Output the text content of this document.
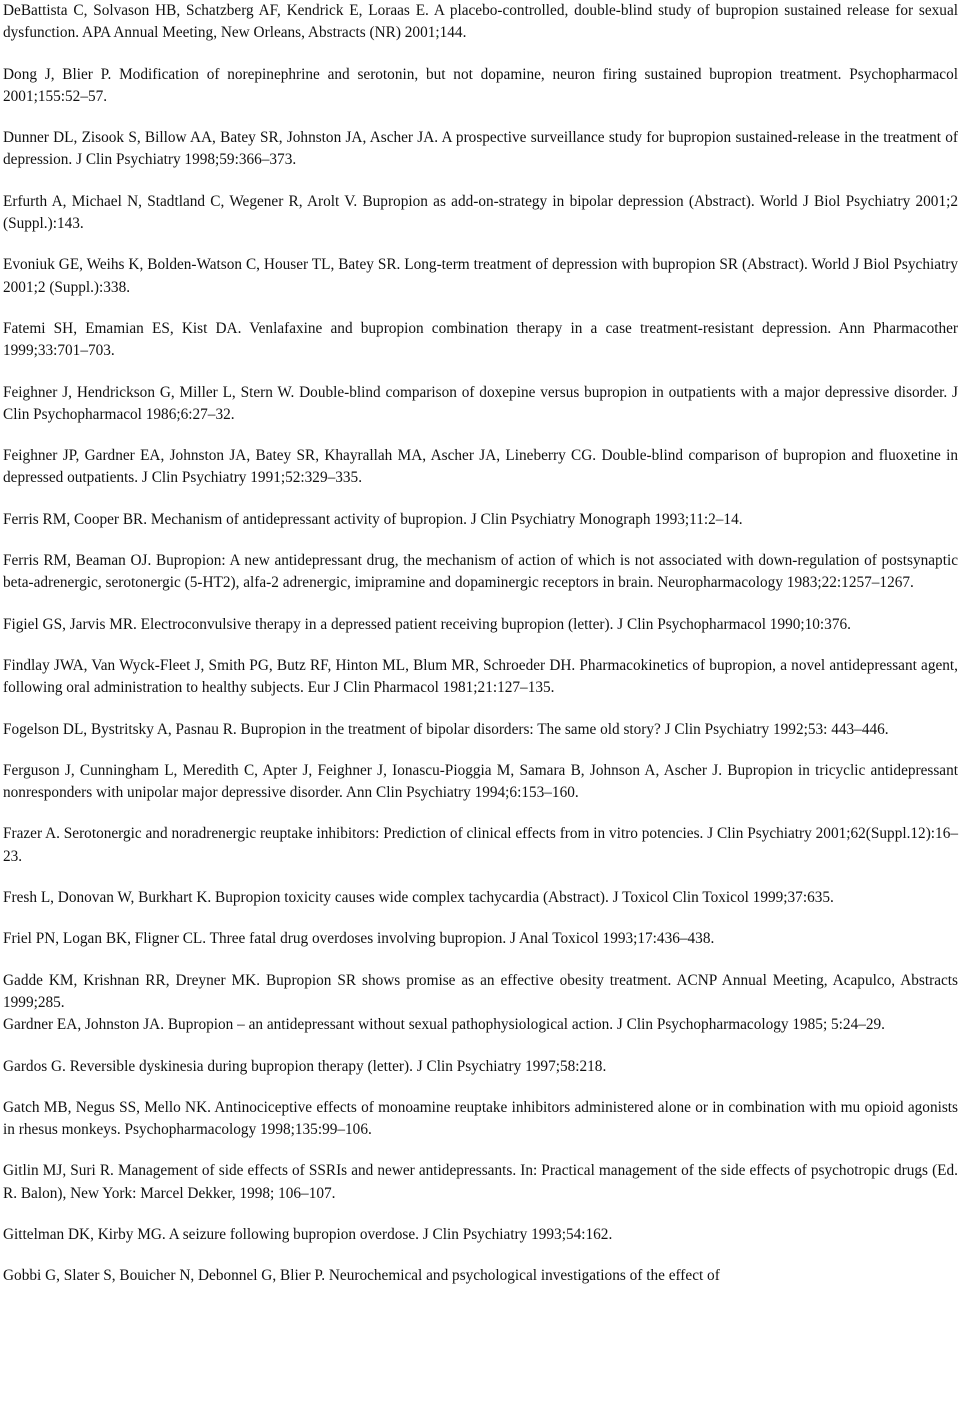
DeBattista C, Solvason HB, Schatzberg AF, Kendrick E, Loraas E. A placebo-controlled, double-blind study of bupropion sustained release for sexual dysfunction. APA Annual Meeting, New Orleans, Abstracts (NR) 2001;144.

Dong J, Blier P. Modification of norepinephrine and serotonin, but not dopamine, neuron firing sustained bupropion treatment. Psychopharmacol 2001;155:52–57.

Dunner DL, Zisook S, Billow AA, Batey SR, Johnston JA, Ascher JA. A prospective surveillance study for bupropion sustained-release in the treatment of depression. J Clin Psychiatry 1998;59:366–373.

Erfurth A, Michael N, Stadtland C, Wegener R, Arolt V. Bupropion as add-on-strategy in bipolar depression (Abstract). World J Biol Psychiatry 2001;2 (Suppl.):143.

Evoniuk GE, Weihs K, Bolden-Watson C, Houser TL, Batey SR. Long-term treatment of depression with bupropion SR (Abstract). World J Biol Psychiatry 2001;2 (Suppl.):338.

Fatemi SH, Emamian ES, Kist DA. Venlafaxine and bupropion combination therapy in a case treatment-resistant depression. Ann Pharmacother 1999;33:701–703.

Feighner J, Hendrickson G, Miller L, Stern W. Double-blind comparison of doxepine versus bupropion in outpatients with a major depressive disorder. J Clin Psychopharmacol 1986;6:27–32.

Feighner JP, Gardner EA, Johnston JA, Batey SR, Khayrallah MA, Ascher JA, Lineberry CG. Double-blind comparison of bupropion and fluoxetine in depressed outpatients. J Clin Psychiatry 1991;52:329–335.

Ferris RM, Cooper BR. Mechanism of antidepressant activity of bupropion. J Clin Psychiatry Monograph 1993;11:2–14.

Ferris RM, Beaman OJ. Bupropion: A new antidepressant drug, the mechanism of action of which is not associated with down-regulation of postsynaptic beta-adrenergic, serotonergic (5-HT2), alfa-2 adrenergic, imipramine and dopaminergic receptors in brain. Neuropharmacology 1983;22:1257–1267.

Figiel GS, Jarvis MR. Electroconvulsive therapy in a depressed patient receiving bupropion (letter). J Clin Psychopharmacol 1990;10:376.

Findlay JWA, Van Wyck-Fleet J, Smith PG, Butz RF, Hinton ML, Blum MR, Schroeder DH. Pharmacokinetics of bupropion, a novel antidepressant agent, following oral administration to healthy subjects. Eur J Clin Pharmacol 1981;21:127–135.

Fogelson DL, Bystritsky A, Pasnau R. Bupropion in the treatment of bipolar disorders: The same old story? J Clin Psychiatry 1992;53: 443–446.

Ferguson J, Cunningham L, Meredith C, Apter J, Feighner J, Ionascu-Pioggia M, Samara B, Johnson A, Ascher J. Bupropion in tricyclic antidepressant nonresponders with unipolar major depressive disorder. Ann Clin Psychiatry 1994;6:153–160.

Frazer A. Serotonergic and noradrenergic reuptake inhibitors: Prediction of clinical effects from in vitro potencies. J Clin Psychiatry 2001;62(Suppl.12):16–23.

Fresh L, Donovan W, Burkhart K. Bupropion toxicity causes wide complex tachycardia (Abstract). J Toxicol Clin Toxicol 1999;37:635.

Friel PN, Logan BK, Fligner CL. Three fatal drug overdoses involving bupropion. J Anal Toxicol 1993;17:436–438.

Gadde KM, Krishnan RR, Dreyner MK. Bupropion SR shows promise as an effective obesity treatment. ACNP Annual Meeting, Acapulco, Abstracts 1999;285.

Gardner EA, Johnston JA. Bupropion – an antidepressant without sexual pathophysiological action. J Clin Psychopharmacology 1985; 5:24–29.

Gardos G. Reversible dyskinesia during bupropion therapy (letter). J Clin Psychiatry 1997;58:218.

Gatch MB, Negus SS, Mello NK. Antinociceptive effects of monoamine reuptake inhibitors administered alone or in combination with mu opioid agonists in rhesus monkeys. Psychopharmacology 1998;135:99–106.

Gitlin MJ, Suri R. Management of side effects of SSRIs and newer antidepressants. In: Practical management of the side effects of psychotropic drugs (Ed. R. Balon), New York: Marcel Dekker, 1998; 106–107.

Gittelman DK, Kirby MG. A seizure following bupropion overdose. J Clin Psychiatry 1993;54:162.

Gobbi G, Slater S, Bouicher N, Debonnel G, Blier P. Neurochemical and psychological investigations of the effect of
